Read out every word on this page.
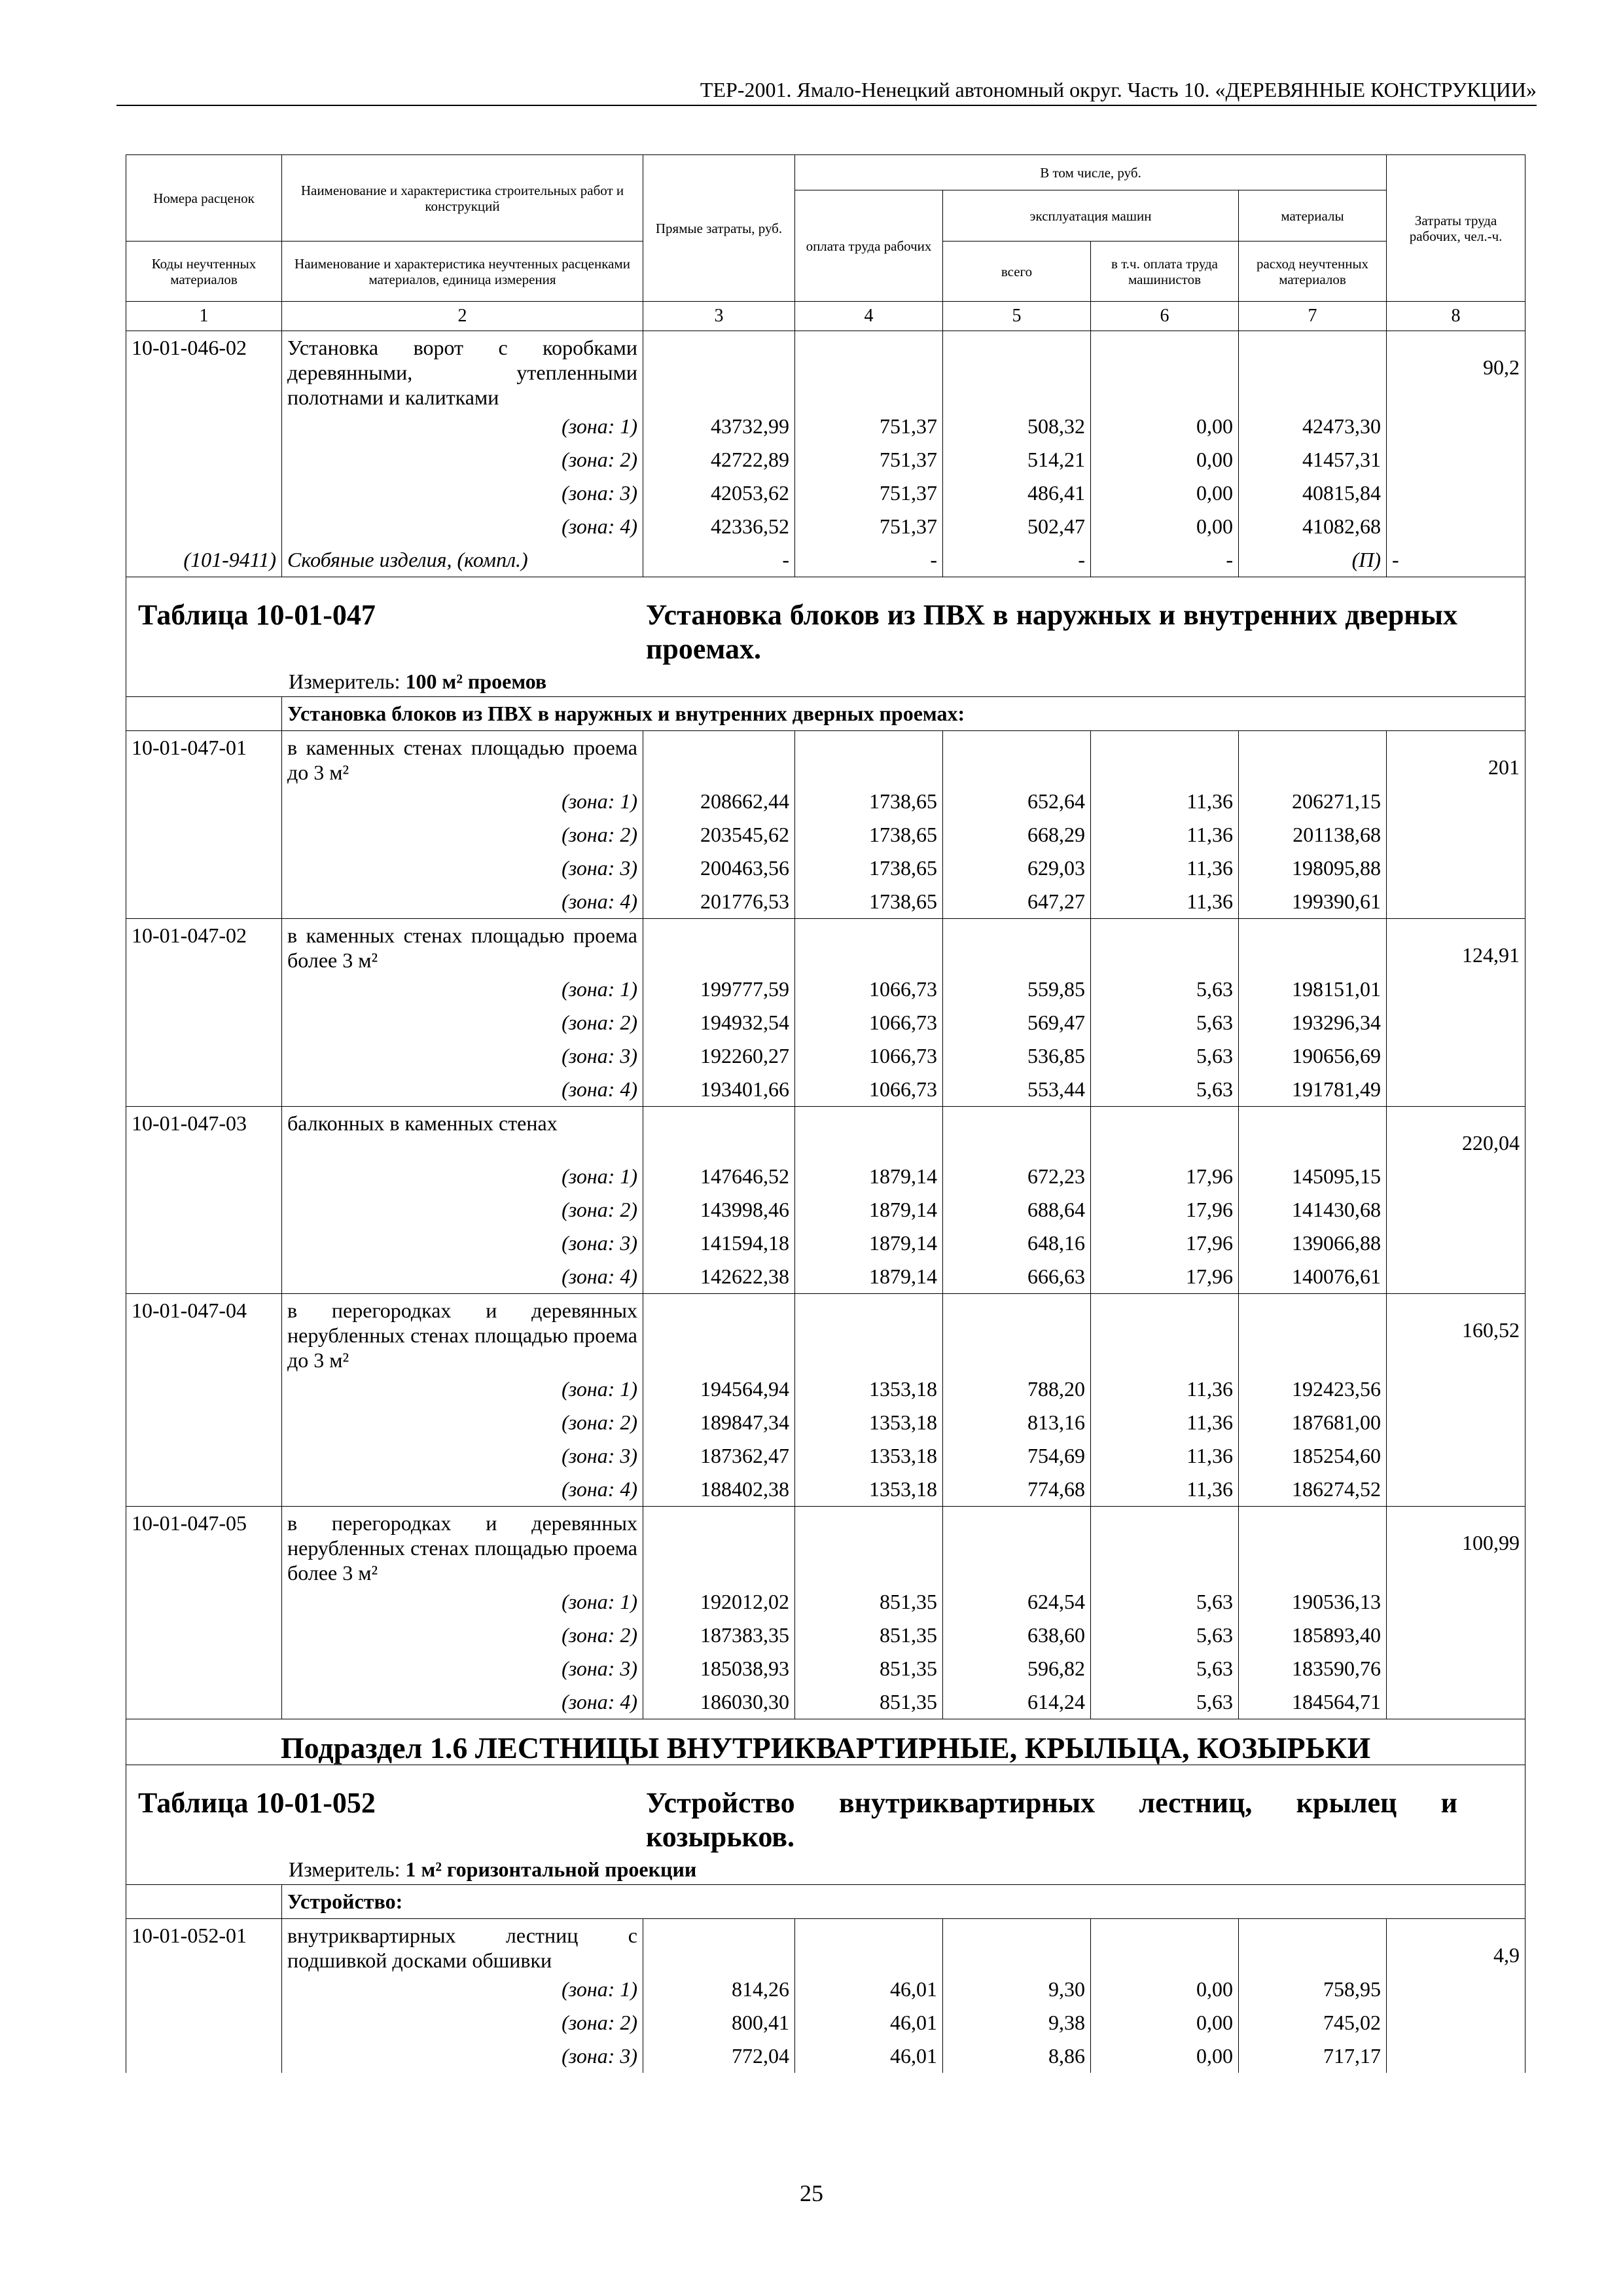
ТЕР-2001. Ямало-Ненецкий автономный округ. Часть 10. «ДЕРЕВЯННЫЕ КОНСТРУКЦИИ»
Номера расценок	Наименование и характеристика строительных работ и конструкций	Прямые затраты, руб.	В том числе, руб.				Затраты труда рабочих, чел.-ч.
			оплата труда рабочих	эксплуатация машин		материалы	
Коды неучтенных материалов	Наименование и характеристика неучтенных расценками материалов, единица измерения			всего	в т.ч. оплата труда машинистов	расход неучтенных материалов	
1	2	3	4	5	6	7	8
10-01-046-02	Установка ворот с коробками деревянными, утепленными полотнами и калитками						90,2
	(зона: 1)	43732,99	751,37	508,32	0,00	42473,30	
	(зона: 2)	42722,89	751,37	514,21	0,00	41457,31	
	(зона: 3)	42053,62	751,37	486,41	0,00	40815,84	
	(зона: 4)	42336,52	751,37	502,47	0,00	41082,68	
(101-9411)	Скобяные изделия, (компл.)	-	-	-	-	(П)	-

Таблица 10-01-047 Установка блоков из ПВХ в наружных и внутренних дверных проемах.
Измеритель: 100 м² проемов							

	Установка блоков из ПВХ в наружных и внутренних дверных проемах:						
10-01-047-01	в каменных стенах площадью проема до 3 м²						201
	(зона: 1)	208662,44	1738,65	652,64	11,36	206271,15	
	(зона: 2)	203545,62	1738,65	668,29	11,36	201138,68	
	(зона: 3)	200463,56	1738,65	629,03	11,36	198095,88	
	(зона: 4)	201776,53	1738,65	647,27	11,36	199390,61	
10-01-047-02	в каменных стенах площадью проема более 3 м²						124,91
	(зона: 1)	199777,59	1066,73	559,85	5,63	198151,01	
	(зона: 2)	194932,54	1066,73	569,47	5,63	193296,34	
	(зона: 3)	192260,27	1066,73	536,85	5,63	190656,69	
	(зона: 4)	193401,66	1066,73	553,44	5,63	191781,49	
10-01-047-03	балконных в каменных стенах						220,04
	(зона: 1)	147646,52	1879,14	672,23	17,96	145095,15	
	(зона: 2)	143998,46	1879,14	688,64	17,96	141430,68	
	(зона: 3)	141594,18	1879,14	648,16	17,96	139066,88	
	(зона: 4)	142622,38	1879,14	666,63	17,96	140076,61	
10-01-047-04	в перегородках и деревянных нерубленных стенах площадью проема до 3 м²						160,52
	(зона: 1)	194564,94	1353,18	788,20	11,36	192423,56	
	(зона: 2)	189847,34	1353,18	813,16	11,36	187681,00	
	(зона: 3)	187362,47	1353,18	754,69	11,36	185254,60	
	(зона: 4)	188402,38	1353,18	774,68	11,36	186274,52	
10-01-047-05	в перегородках и деревянных нерубленных стенах площадью проема более 3 м²						100,99
	(зона: 1)	192012,02	851,35	624,54	5,63	190536,13	
	(зона: 2)	187383,35	851,35	638,60	5,63	185893,40	
	(зона: 3)	185038,93	851,35	596,82	5,63	183590,76	
	(зона: 4)	186030,30	851,35	614,24	5,63	184564,71	
Подраздел 1.6 ЛЕСТНИЦЫ ВНУТРИКВАРТИРНЫЕ, КРЫЛЬЦА, КОЗЫРЬКИ							

Таблица 10-01-052 Устройство внутриквартирных лестниц, крылец и козырьков.
Измеритель: 1 м² горизонтальной проекции							

	Устройство:						
10-01-052-01	внутриквартирных лестниц с подшивкой досками обшивки						4,9
	(зона: 1)	814,26	46,01	9,30	0,00	758,95	
	(зона: 2)	800,41	46,01	9,38	0,00	745,02	
	(зона: 3)	772,04	46,01	8,86	0,00	717,17	
25
